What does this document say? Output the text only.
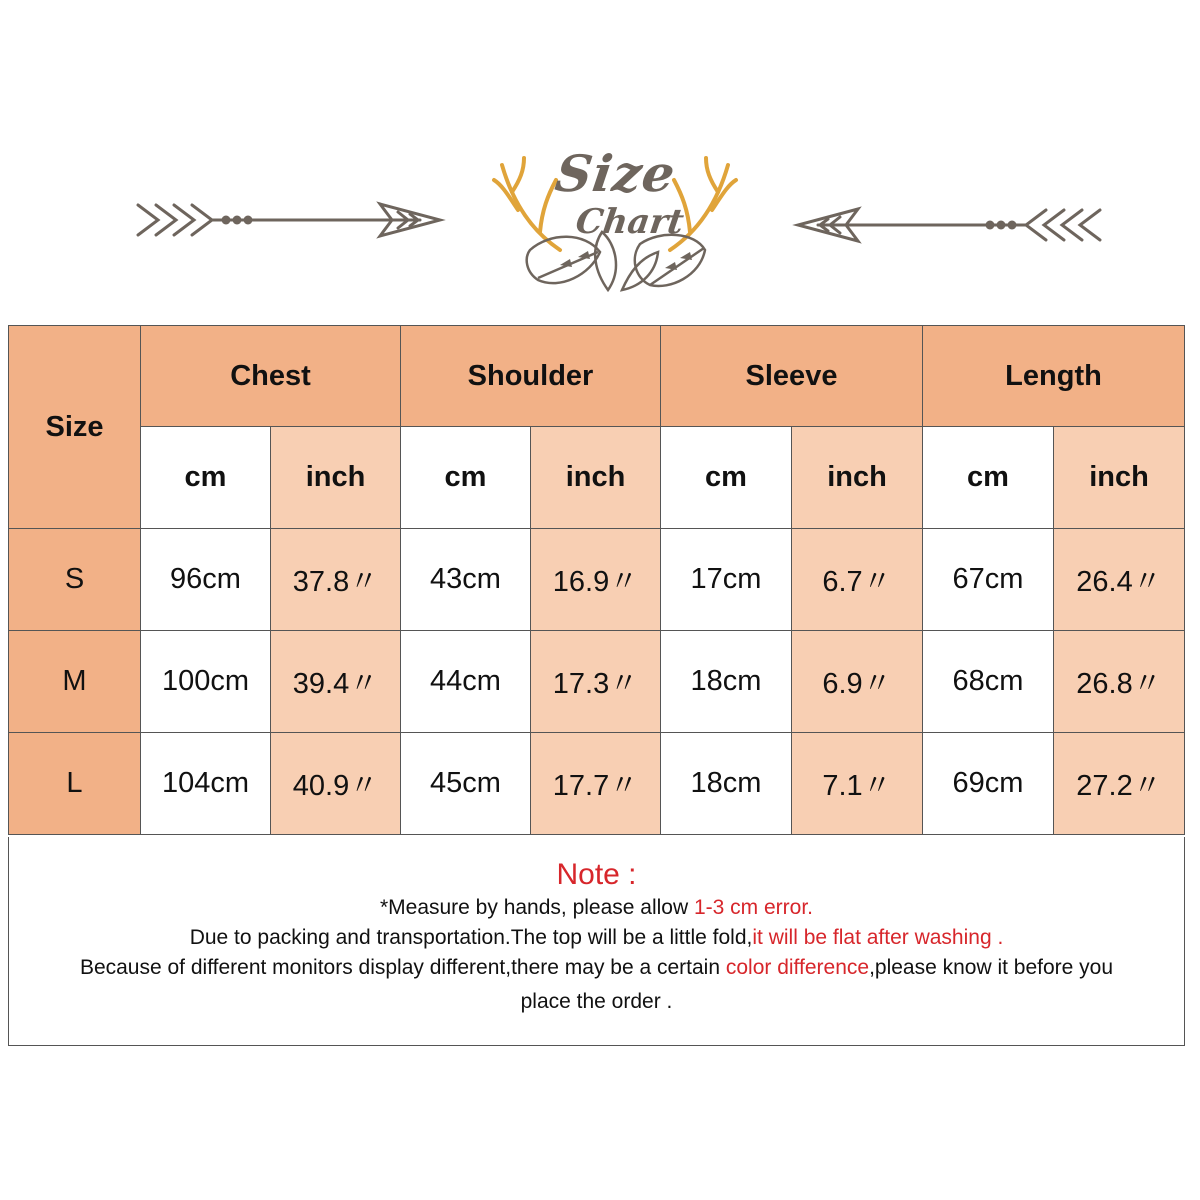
Size
Chart
Size	Chest		Shoulder		Sleeve		Length	
	cm	inch	cm	inch	cm	inch	cm	inch
S	96cm	37.8〃	43cm	16.9〃	17cm	6.7〃	67cm	26.4〃
M	100cm	39.4〃	44cm	17.3〃	18cm	6.9〃	68cm	26.8〃
L	104cm	40.9〃	45cm	17.7〃	18cm	7.1〃	69cm	27.2〃
Note :
*Measure by hands, please allow 1-3 cm error.
Due to packing and transportation.The top will be a little fold,it will be flat after washing .
Because of different monitors display different,there may be a certain color difference,please know it before you
place the order .
